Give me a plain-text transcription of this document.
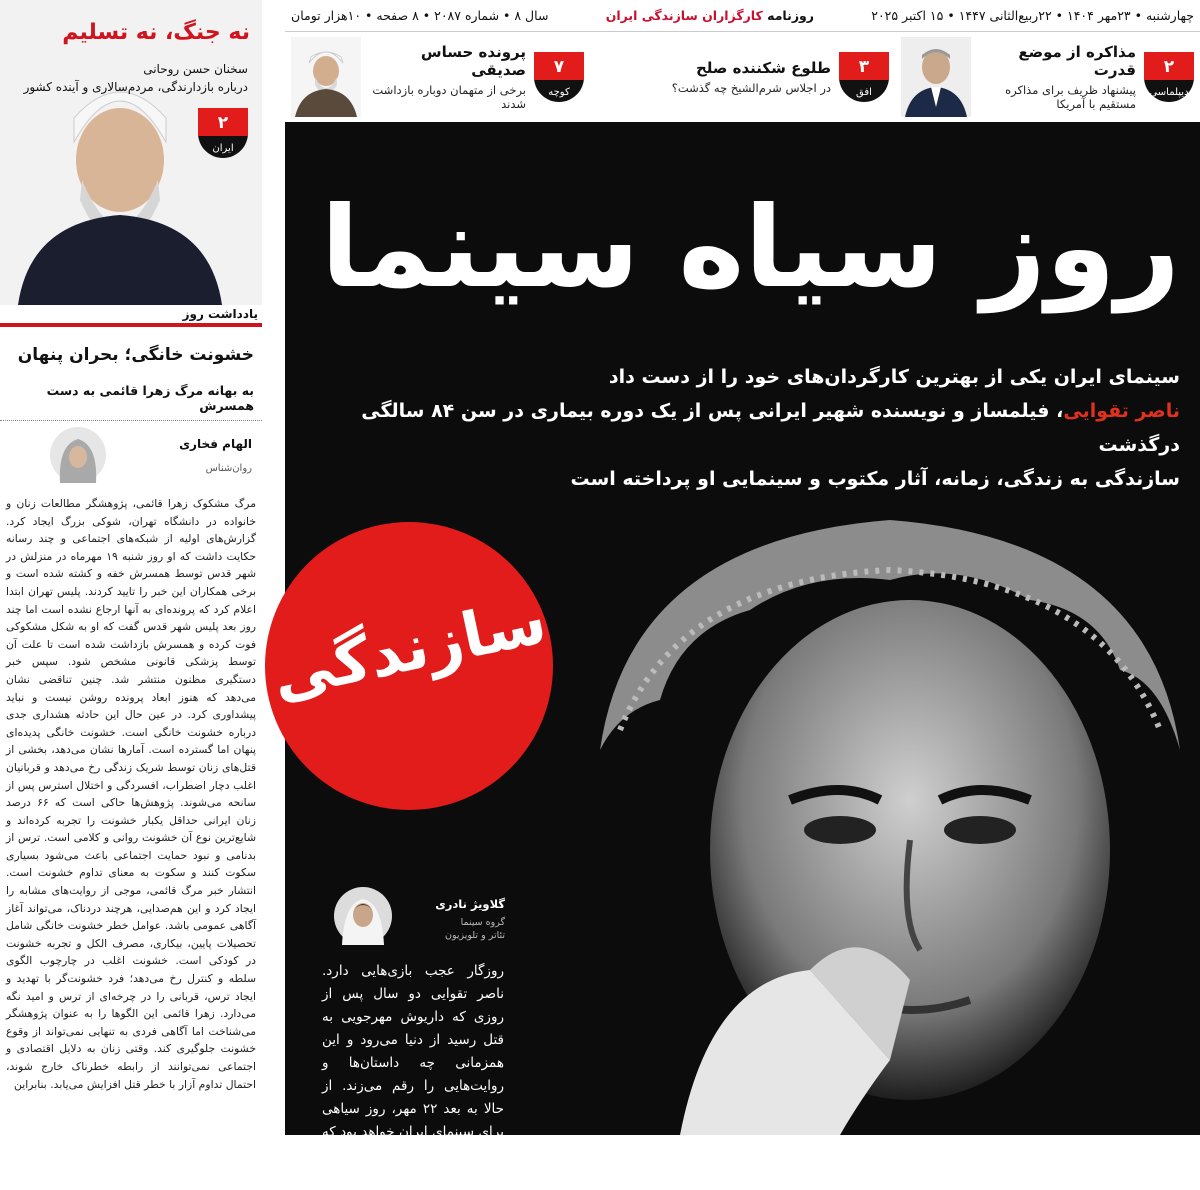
سال ۸ • شماره ۲۰۸۷ • ۸ صفحه • ۱۰هزار تومان	روزنامه کارگزاران سازندگی ایران	چهارشنبه • ۲۳مهر ۱۴۰۴ • ۲۲ربیع‌الثانی ۱۴۴۷ • ۱۵ اکتبر ۲۰۲۵
۲
دیپلماسی
مذاکره از موضع قدرت
پیشنهاد ظریف برای مذاکره مستقیم با آمریکا
۳
افق
طلوع شکننده صلح
در اجلاس شرم‌الشیخ چه گذشت؟
۷
کوچه
پرونده حساس صدیقی
برخی از متهمان دوباره بازداشت شدند
نه جنگ، نه تسلیم
سخنان حسن روحانی
درباره بازدارندگی، مردم‌سالاری و آینده کشور
۲
ایران
یادداشت روز
خشونت خانگی؛ بحران پنهان
به بهانه مرگ زهرا قائمی به دست همسرش
الهام فخاری
روان‌شناس
مرگ مشکوک زهرا قائمی، پژوهشگر مطالعات زنان و خانواده در دانشگاه تهران، شوکی بزرگ ایجاد کرد. گزارش‌های اولیه از شبکه‌های اجتماعی و چند رسانه حکایت داشت که او روز شنبه ۱۹ مهرماه در منزلش در شهر قدس توسط همسرش خفه و کشته شده است و برخی همکاران این خبر را تایید کردند. پلیس تهران ابتدا اعلام کرد که پرونده‌ای به آنها ارجاع نشده است اما چند روز بعد پلیس شهر قدس گفت که او به شکل مشکوکی فوت کرده و همسرش بازداشت شده است تا علت آن توسط پزشکی قانونی مشخص شود. سپس خبر دستگیری مظنون منتشر شد. چنین تناقضی نشان می‌دهد که هنوز ابعاد پرونده روشن نیست و نباید پیشداوری کرد. در عین حال این حادثه هشداری جدی درباره خشونت خانگی است. خشونت خانگی پدیده‌ای پنهان اما گسترده است. آمارها نشان می‌دهد، بخشی از قتل‌های زنان توسط شریک زندگی رخ می‌دهد و قربانیان اغلب دچار اضطراب، افسردگی و اختلال استرس پس از سانحه می‌شوند. پژوهش‌ها حاکی است که ۶۶ درصد زنان ایرانی حداقل یکبار خشونت را تجربه کرده‌اند و شایع‌ترین نوع آن خشونت روانی و کلامی است. ترس از بدنامی و نبود حمایت اجتماعی باعث می‌شود بسیاری سکوت کنند و سکوت به معنای تداوم خشونت است. انتشار خبر مرگ قائمی، موجی از روایت‌های مشابه را ایجاد کرد و این هم‌صدایی، هرچند دردناک، می‌تواند آغاز آگاهی عمومی باشد. عوامل خطر خشونت خانگی شامل تحصیلات پایین، بیکاری، مصرف الکل و تجربه خشونت در کودکی است. خشونت اغلب در چارچوب الگوی سلطه و کنترل رخ می‌دهد؛ فرد خشونت‌گر با تهدید و ایجاد ترس، قربانی را در چرخه‌ای از ترس و امید نگه می‌دارد. زهرا قائمی این الگوها را به عنوان پژوهشگر می‌شناخت اما آگاهی فردی به تنهایی نمی‌تواند از وقوع خشونت جلوگیری کند. وقتی زنان به دلایل اقتصادی و اجتماعی نمی‌توانند از رابطه خطرناک خارج شوند، احتمال تداوم آزار با خطر قتل افزایش می‌یابد. بنابراین
روز سیاه سینما
سینمای ایران یکی از بهترین کارگردان‌های خود را از دست داد
ناصر تقوایی، فیلمساز و نویسنده شهیر ایرانی پس از یک دوره بیماری در سن ۸۴ سالگی درگذشت
سازندگی به زندگی، زمانه، آثار مکتوب و سینمایی او پرداخته است
سازندگی
گلاویژ نادری
گروه سینما
تئاتر و تلویزیون
روزگار عجب بازی‌هایی دارد. ناصر تقوایی دو سال پس از روزی که داریوش مهرجویی به قتل رسید از دنیا می‌رود و این همزمانی چه داستان‌ها و روایت‌هایی را رقم می‌زند. از حالا به بعد ۲۲ مهر، روز سیاهی برای سینمای ایران خواهد بود که دو بزرگ را در خود دارد. دو کارگردانی که زیست و کارشان
